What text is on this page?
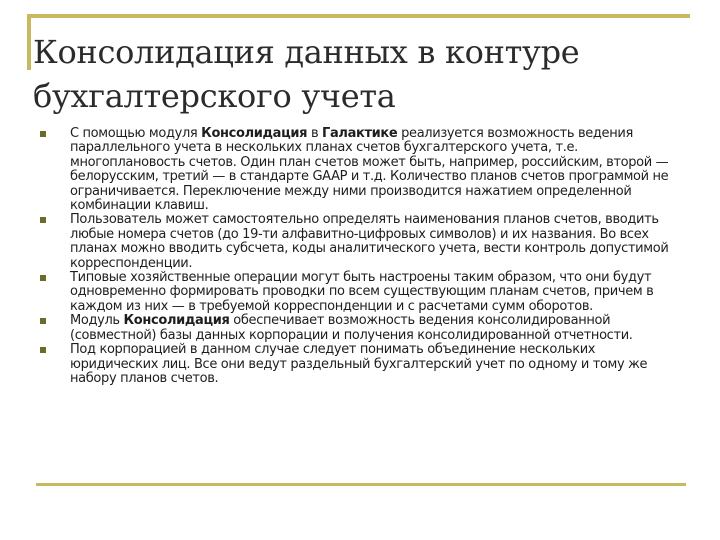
Консолидация данных в контуре бухгалтерского учета
С помощью модуля Консолидация в Галактике реализуется возможность ведения параллельного учета в нескольких планах счетов бухгалтерского учета, т.е. многоплановость счетов. Один план счетов может быть, например, российским, второй — белорусским, третий — в стандарте GAAP и т.д. Количество планов счетов программой не ограничивается. Переключение между ними производится нажатием определенной комбинации клавиш.
Пользователь может самостоятельно определять наименования планов счетов, вводить любые номера счетов (до 19-ти алфавитно-цифровых символов) и их названия. Во всех планах можно вводить субсчета, коды аналитического учета, вести контроль допустимой корреспонденции.
Типовые хозяйственные операции могут быть настроены таким образом, что они будут одновременно формировать проводки по всем существующим планам счетов, причем в каждом из них — в требуемой корреспонденции и с расчетами сумм оборотов.
Модуль Консолидация обеспечивает возможность ведения консолидированной (совместной) базы данных корпорации и получения консолидированной отчетности.
Под корпорацией в данном случае следует понимать объединение нескольких юридических лиц. Все они ведут раздельный бухгалтерский учет по одному и тому же набору планов счетов.
